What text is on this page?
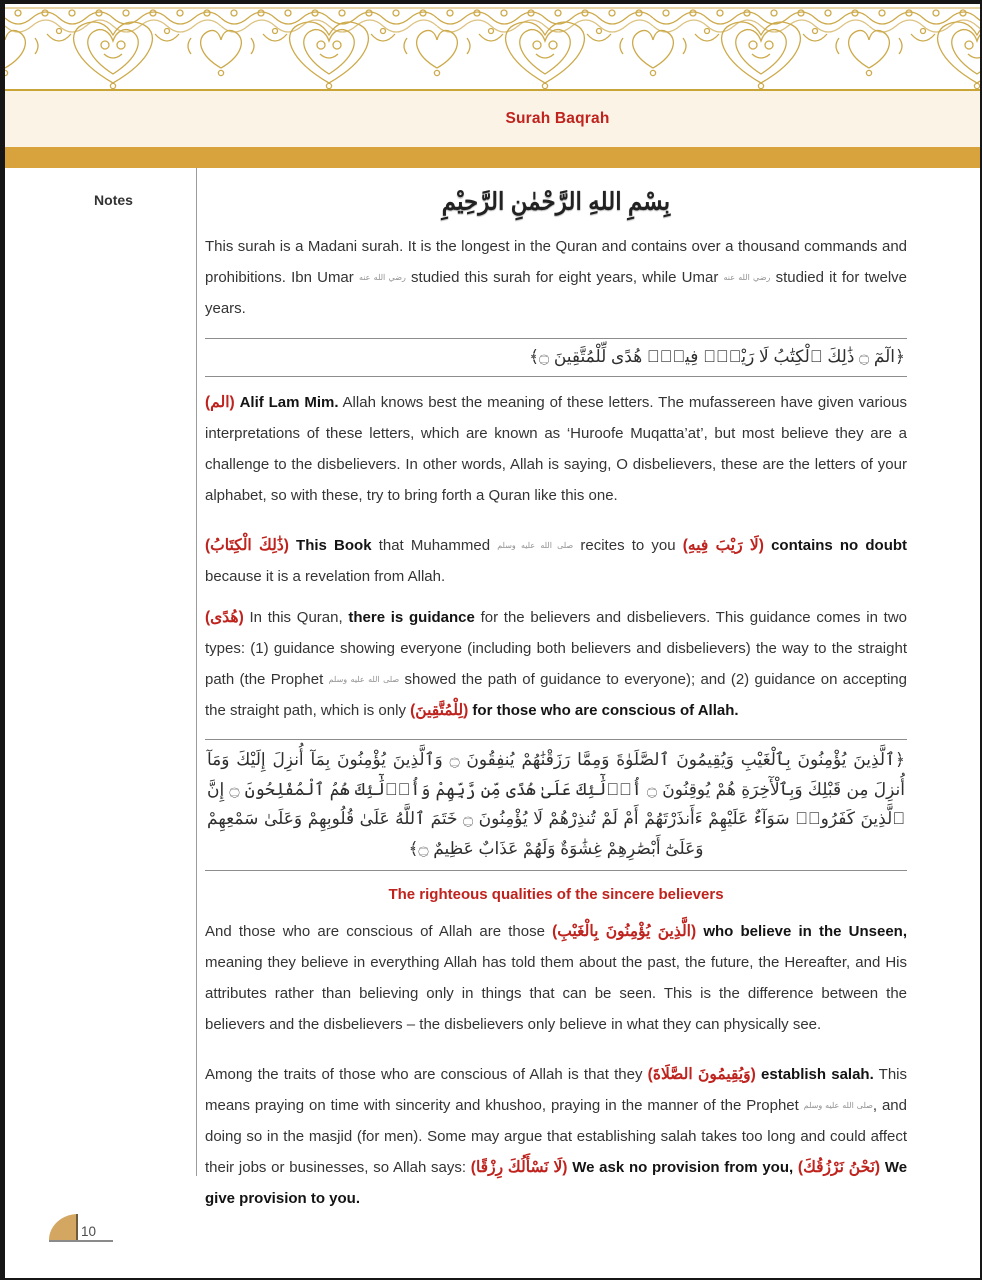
Surah Baqrah
Notes	بِسْمِ اللهِ الرَّحْمٰنِ الرَّحِيْمِ

This surah is a Madani surah. It is the longest in the Quran and contains over a thousand commands and prohibitions. Ibn Umar رضي الله عنه studied this surah for eight years, while Umar رضي الله عنه studied it for twelve years.

﴿الٓمٓ ۝ ذَٰلِكَ ٱلْكِتَٰبُ لَا رَيْبَۛ فِيهِۛ هُدًى لِّلْمُتَّقِينَ ۝﴾

(الم) Alif Lam Mim. Allah knows best the meaning of these letters. The mufassereen have given various interpretations of these letters, which are known as ‘Huroofe Muqatta’at’, but most believe they are a challenge to the disbelievers. In other words, Allah is saying, O disbelievers, these are the letters of your alphabet, so with these, try to bring forth a Quran like this one.

(ذَٰلِكَ الْكِتَابُ) This Book that Muhammed صلى الله عليه وسلم recites to you (لَا رَيْبَ فِيهِ) contains no doubt because it is a revelation from Allah.

(هُدًى) In this Quran, there is guidance for the believers and disbelievers. This guidance comes in two types: (1) guidance showing everyone (including both believers and disbelievers) the way to the straight path (the Prophet صلى الله عليه وسلم showed the path of guidance to everyone); and (2) guidance on accepting the straight path, which is only (لِلْمُتَّقِينَ) for those who are conscious of Allah.

﴿ٱلَّذِينَ يُؤْمِنُونَ بِٱلْغَيْبِ وَيُقِيمُونَ ٱلصَّلَوٰةَ وَمِمَّا رَزَقْنَٰهُمْ يُنفِقُونَ ۝ وَٱلَّذِينَ يُؤْمِنُونَ بِمَآ أُنزِلَ إِلَيْكَ وَمَآ أُنزِلَ مِن قَبْلِكَ وَبِٱلْأٓخِرَةِ هُمْ يُوقِنُونَ ۝ أُو۟لَٰٓئِكَ عَلَىٰ هُدًى مِّن رَّبِّهِمْ وَأُو۟لَٰٓئِكَ هُمُ ٱلْمُفْلِحُونَ ۝ إِنَّ ٱلَّذِينَ كَفَرُوا۟ سَوَآءٌ عَلَيْهِمْ ءَأَنذَرْتَهُمْ أَمْ لَمْ تُنذِرْهُمْ لَا يُؤْمِنُونَ ۝ خَتَمَ ٱللَّهُ عَلَىٰ قُلُوبِهِمْ وَعَلَىٰ سَمْعِهِمْ وَعَلَىٰٓ أَبْصَٰرِهِمْ غِشَٰوَةٌ وَلَهُمْ عَذَابٌ عَظِيمٌ ۝﴾
The righteous qualities of the sincere believers

And those who are conscious of Allah are those (الَّذِينَ يُؤْمِنُونَ بِالْغَيْبِ) who believe in the Unseen, meaning they believe in everything Allah has told them about the past, the future, the Hereafter, and His attributes rather than believing only in things that can be seen. This is the difference between the believers and the disbelievers – the disbelievers only believe in what they can physically see.

Among the traits of those who are conscious of Allah is that they (وَيُقِيمُونَ الصَّلَاةَ) establish salah. This means praying on time with sincerity and khushoo, praying in the manner of the Prophet صلى الله عليه وسلم, and doing so in the masjid (for men). Some may argue that establishing salah takes too long and could affect their jobs or businesses, so Allah says: (لَا نَسْأَلُكَ رِزْقًا) We ask no provision from you, (نَحْنُ نَرْزُقُكَ) We give provision to you.

10
